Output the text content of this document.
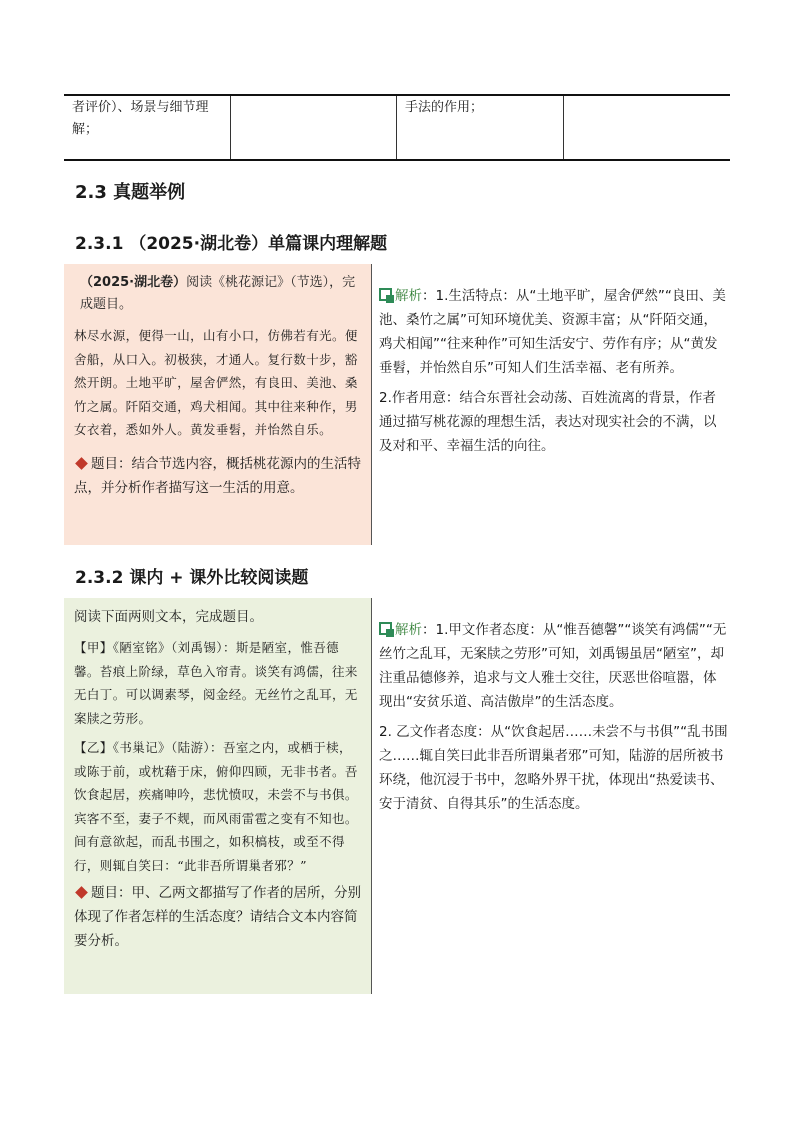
者评价）、场景与细节理解；
手法的作用；
2.3 真题举例
2.3.1 （2025·湖北卷）单篇课内理解题
（2025·湖北卷）阅读《桃花源记》（节选），完成题目。
林尽水源，便得一山，山有小口，仿佛若有光。便舍船，从口入。初极狭，才通人。复行数十步，豁然开朗。土地平旷，屋舍俨然，有良田、美池、桑竹之属。阡陌交通，鸡犬相闻。其中往来种作，男女衣着，悉如外人。黄发垂髫，并怡然自乐。
题目：结合节选内容，概括桃花源内的生活特点，并分析作者描写这一生活的用意。

解析：1.生活特点：从“土地平旷，屋舍俨然”“良田、美池、桑竹之属”可知环境优美、资源丰富；从“阡陌交通，鸡犬相闻”“往来种作”可知生活安宁、劳作有序；从“黄发垂髫，并怡然自乐”可知人们生活幸福、老有所养。

2.作者用意：结合东晋社会动荡、百姓流离的背景，作者通过描写桃花源的理想生活，表达对现实社会的不满，以及对和平、幸福生活的向往。

2.3.2 课内 + 课外比较阅读题
阅读下面两则文本，完成题目。
【甲】《陋室铭》（刘禹锡）：斯是陋室，惟吾德馨。苔痕上阶绿，草色入帘青。谈笑有鸿儒，往来无白丁。可以调素琴，阅金经。无丝竹之乱耳，无案牍之劳形。
【乙】《书巢记》（陆游）：吾室之内，或栖于椟，或陈于前，或枕藉于床，俯仰四顾，无非书者。吾饮食起居，疾痛呻吟，悲忧愤叹，未尝不与书俱。宾客不至，妻子不觌，而风雨雷雹之变有不知也。间有意欲起，而乱书围之，如积槁枝，或至不得行，则辄自笑曰：“此非吾所谓巢者邪？”
题目：甲、乙两文都描写了作者的居所，分别体现了作者怎样的生活态度？请结合文本内容简要分析。

解析：1.甲文作者态度：从“惟吾德馨”“谈笑有鸿儒”“无丝竹之乱耳，无案牍之劳形”可知，刘禹锡虽居“陋室”，却注重品德修养，追求与文人雅士交往，厌恶世俗喧嚣，体现出“安贫乐道、高洁傲岸”的生活态度。

2. 乙文作者态度：从“饮食起居……未尝不与书俱”“乱书围之……辄自笑曰此非吾所谓巢者邪”可知，陆游的居所被书环绕，他沉浸于书中，忽略外界干扰，体现出“热爱读书、安于清贫、自得其乐”的生活态度。
